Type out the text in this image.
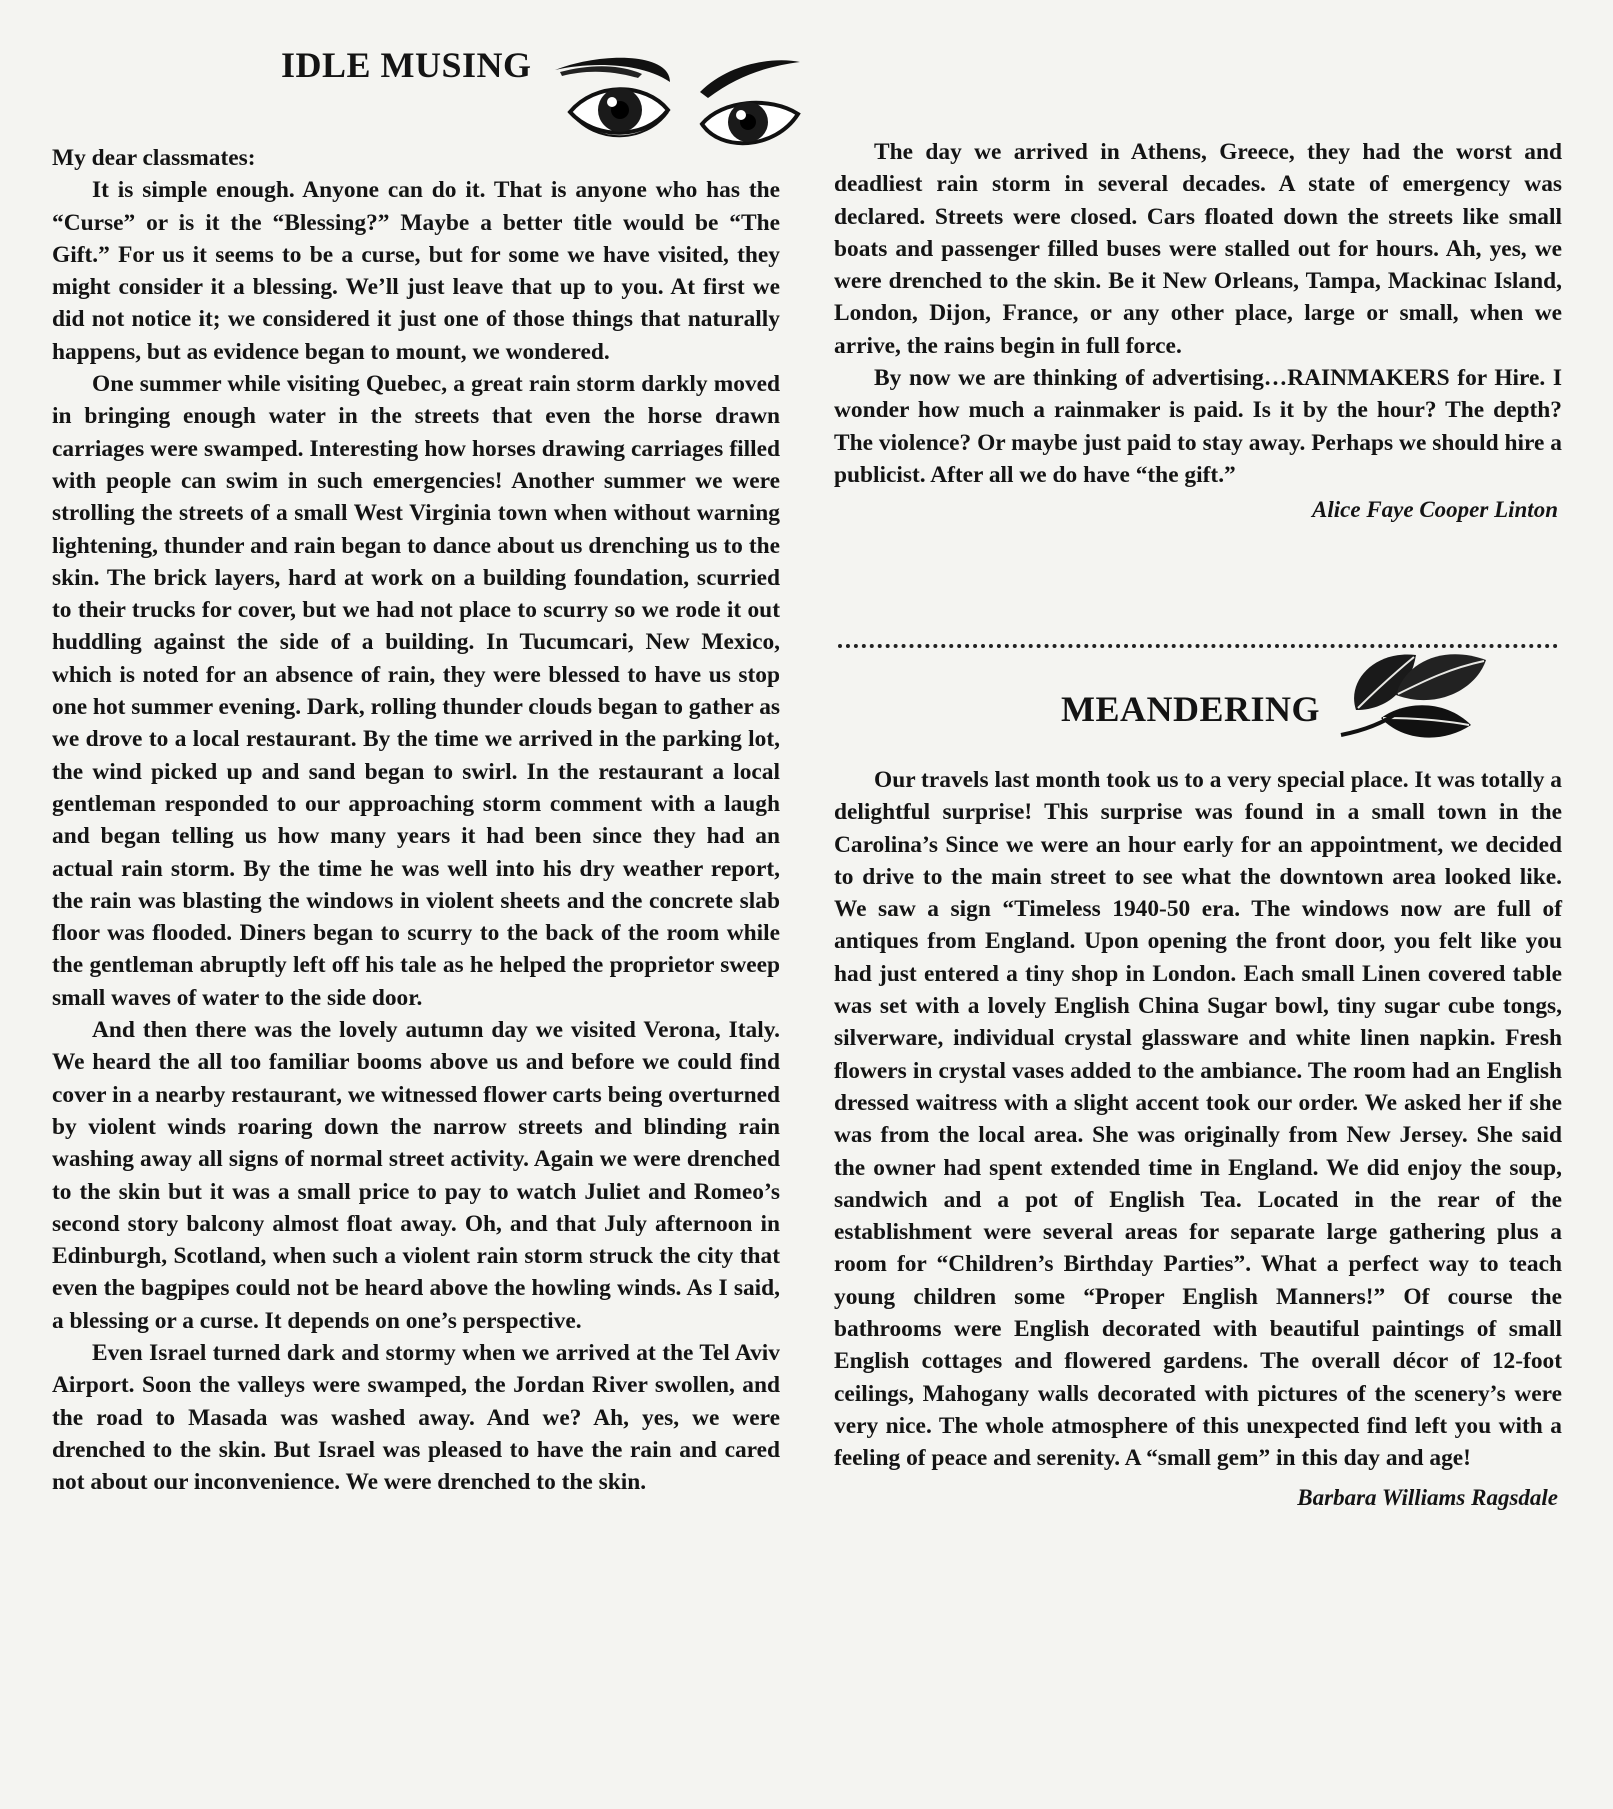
IDLE MUSING

My dear classmates:

It is simple enough. Anyone can do it. That is anyone who has the “Curse” or is it the “Blessing?” Maybe a better title would be “The Gift.” For us it seems to be a curse, but for some we have visited, they might consider it a blessing. We’ll just leave that up to you. At first we did not notice it; we considered it just one of those things that naturally happens, but as evidence began to mount, we wondered.

One summer while visiting Quebec, a great rain storm darkly moved in bringing enough water in the streets that even the horse drawn carriages were swamped. Interesting how horses drawing carriages filled with people can swim in such emergencies! Another summer we were strolling the streets of a small West Virginia town when without warning lightening, thunder and rain began to dance about us drenching us to the skin. The brick layers, hard at work on a building foundation, scurried to their trucks for cover, but we had not place to scurry so we rode it out huddling against the side of a building. In Tucumcari, New Mexico, which is noted for an absence of rain, they were blessed to have us stop one hot summer evening. Dark, rolling thunder clouds began to gather as we drove to a local restaurant. By the time we arrived in the parking lot, the wind picked up and sand began to swirl. In the restaurant a local gentleman responded to our approaching storm comment with a laugh and began telling us how many years it had been since they had an actual rain storm. By the time he was well into his dry weather report, the rain was blasting the windows in violent sheets and the concrete slab floor was flooded. Diners began to scurry to the back of the room while the gentleman abruptly left off his tale as he helped the proprietor sweep small waves of water to the side door.

And then there was the lovely autumn day we visited Verona, Italy. We heard the all too familiar booms above us and before we could find cover in a nearby restaurant, we witnessed flower carts being overturned by violent winds roaring down the narrow streets and blinding rain washing away all signs of normal street activity. Again we were drenched to the skin but it was a small price to pay to watch Juliet and Romeo’s second story balcony almost float away. Oh, and that July afternoon in Edinburgh, Scotland, when such a violent rain storm struck the city that even the bagpipes could not be heard above the howling winds. As I said, a blessing or a curse. It depends on one’s perspective.

Even Israel turned dark and stormy when we arrived at the Tel Aviv Airport. Soon the valleys were swamped, the Jordan River swollen, and the road to Masada was washed away. And we? Ah, yes, we were drenched to the skin. But Israel was pleased to have the rain and cared not about our inconvenience. We were drenched to the skin.

The day we arrived in Athens, Greece, they had the worst and deadliest rain storm in several decades. A state of emergency was declared. Streets were closed. Cars floated down the streets like small boats and passenger filled buses were stalled out for hours. Ah, yes, we were drenched to the skin. Be it New Orleans, Tampa, Mackinac Island, London, Dijon, France, or any other place, large or small, when we arrive, the rains begin in full force.

By now we are thinking of advertising…RAINMAKERS for Hire. I wonder how much a rainmaker is paid. Is it by the hour? The depth? The violence? Or maybe just paid to stay away. Perhaps we should hire a publicist. After all we do have “the gift.”

Alice Faye Cooper Linton
MEANDERING

Our travels last month took us to a very special place. It was totally a delightful surprise! This surprise was found in a small town in the Carolina’s Since we were an hour early for an appointment, we decided to drive to the main street to see what the downtown area looked like. We saw a sign “Timeless 1940-50 era. The windows now are full of antiques from England. Upon opening the front door, you felt like you had just entered a tiny shop in London. Each small Linen covered table was set with a lovely English China Sugar bowl, tiny sugar cube tongs, silverware, individual crystal glassware and white linen napkin. Fresh flowers in crystal vases added to the ambiance. The room had an English dressed waitress with a slight accent took our order. We asked her if she was from the local area. She was originally from New Jersey. She said the owner had spent extended time in England. We did enjoy the soup, sandwich and a pot of English Tea. Located in the rear of the establishment were several areas for separate large gathering plus a room for “Children’s Birthday Parties”. What a perfect way to teach young children some “Proper English Manners!” Of course the bathrooms were English decorated with beautiful paintings of small English cottages and flowered gardens. The overall décor of 12-foot ceilings, Mahogany walls decorated with pictures of the scenery’s were very nice. The whole atmosphere of this unexpected find left you with a feeling of peace and serenity. A “small gem” in this day and age!

Barbara Williams Ragsdale
